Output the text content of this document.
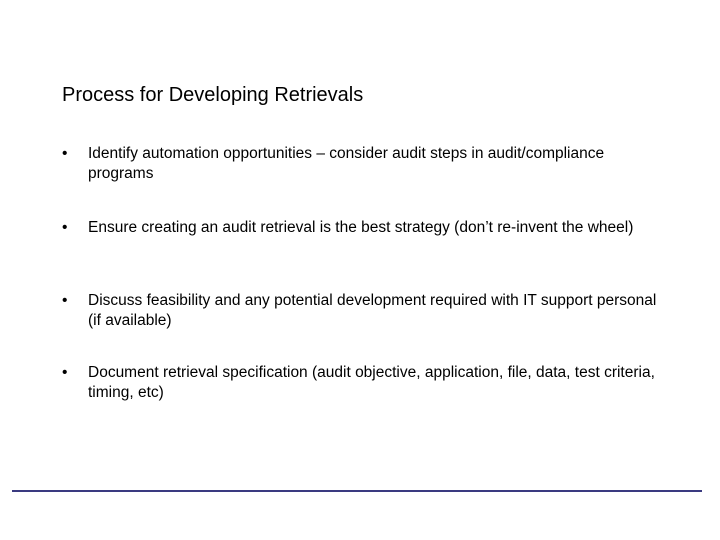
Process for Developing Retrievals
•	Identify automation opportunities – consider audit steps in audit/compliance programs
•	Ensure creating an audit retrieval is the best strategy (don’t re-invent the wheel)
•	Discuss feasibility and any potential development required with IT support personal (if available)
•	Document retrieval specification (audit objective, application, file, data, test criteria, timing, etc)
